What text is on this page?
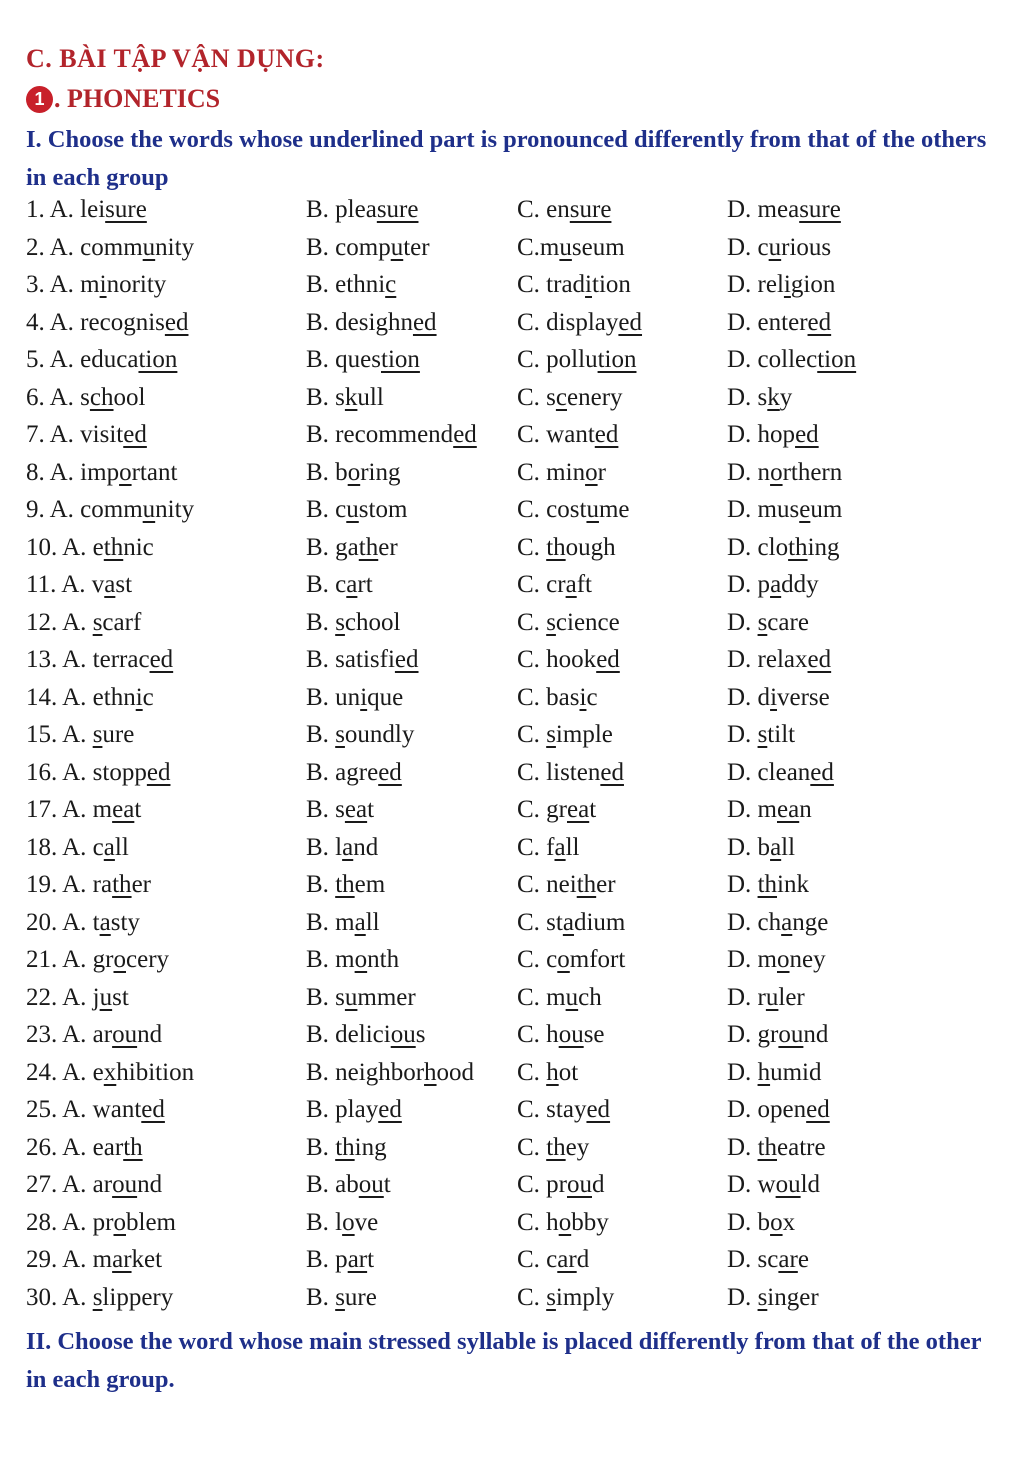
C. BÀI TẬP VẬN DỤNG:
1 . PHONETICS
I. Choose the words whose underlined part is pronounced differently from that of the others in each group
1. A. leisure	B. pleasure	C. ensure	D. measure
2. A. community	B. computer	C.museum	D. curious
3. A. minority	B. ethnic	C. tradition	D. religion
4. A. recognised	B. desighned	C. displayed	D. entered
5. A. education	B. question	C. pollution	D. collection
6. A. school	B. skull	C. scenery	D. sky
7. A. visited	B. recommended C. wanted	D. hoped
8. A. important	B. boring	C. minor	D. northern
9. A. community	B. custom	C. costume	D. museum
10. A. ethnic	B. gather	C. though	D. clothing
11. A. vast	B. cart	C. craft	D. paddy
12. A. scarf	B. school	C. science	D. scare
13. A. terraced	B. satisfied	C. hooked	D. relaxed
14. A. ethnic	B. unique	C. basic	D. diverse
15. A. sure	B. soundly	C. simple	D. stilt
16. A. stopped	B. agreed	C. listened	D. cleaned
17. A. meat	B. seat	C. great	D. mean
18. A. call	B. land	C. fall	D. ball
19. A. rather	B. them	C. neither	D. think
20. A. tasty	B. mall	C. stadium	D. change
21. A. grocery	B. month	C. comfort	D. money
22. A. just	B. summer	C. much	D. ruler
23. A. around	B. delicious	C. house	D. ground
24. A. exhibition	B. neighborhood C. hot	D. humid
25. A. wanted	B. played	C. stayed	D. opened
26. A. earth	B. thing	C. they	D. theatre
27. A. around	B. about	C. proud	D. would
28. A. problem	B. love	C. hobby	D. box
29. A. market	B. part	C. card	D. scare
30. A. slippery	B. sure	C. simply	D. singer
II. Choose the word whose main stressed syllable is placed differently from that of the other in each group.
